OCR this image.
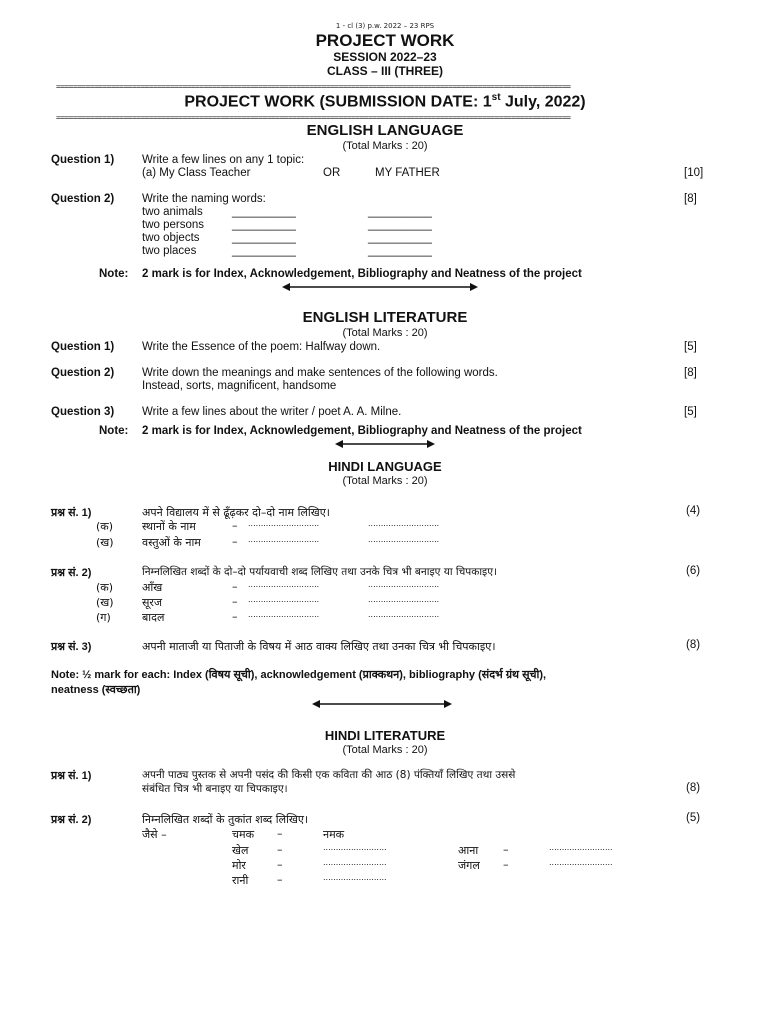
1 - cl (3) p.w. 2022 – 23 RPS
PROJECT WORK
SESSION 2022–23
CLASS – III (THREE)
==========================================================================================================================
PROJECT WORK (SUBMISSION DATE: 1st July, 2022)
==========================================================================================================================
ENGLISH LANGUAGE
(Total Marks : 20)
Question 1) Write a few lines on any 1 topic:
(a) My Class Teacher	OR	MY FATHER	[10]
Question 2) Write the naming words:	[8]
two animals	__________	__________
two persons __________	__________
two objects	__________	__________
two places	__________	__________
Note: 2 mark is for Index, Acknowledgement, Bibliography and Neatness of the project
ENGLISH LITERATURE
(Total Marks : 20)
Question 1) Write the Essence of the poem: Halfway down.	[5]
Question 2) Write down the meanings and make sentences of the following words.	[8]
Instead, sorts, magnificent, handsome
Question 3) Write a few lines about the writer / poet A. A. Milne.	[5]
Note: 2 mark is for Index, Acknowledgement, Bibliography and Neatness of the project
HINDI LANGUAGE
(Total Marks : 20)
प्रश्न सं. 1)	अपने विद्यालय में से ढूँढ़कर दो–दो नाम लिखिए।	(4)
(क)	स्थानों के नाम	– ............................	............................
(ख)	वस्तुओं के नाम	– ............................	............................
प्रश्न सं. 2)	निम्नलिखित शब्दों के दो–दो पर्यायवाची शब्द लिखिए तथा उनके चित्र भी बनाइए या चिपकाइए।	(6)
(क)	आँख	– ............................	............................
(ख)	सूरज	– ............................	............................
(ग)	बादल	– ............................	............................
प्रश्न सं. 3)	अपनी माताजी या पिताजी के विषय में आठ वाक्य लिखिए तथा उनका चित्र भी चिपकाइए।	(8)
Note: ½ mark for each: Index (विषय सूची), acknowledgement (प्राक्कथन), bibliography (संदर्भ ग्रंथ सूची),
neatness (स्वच्छता)
HINDI LITERATURE
(Total Marks : 20)
प्रश्न सं. 1)	अपनी पाठ्य पुस्तक से अपनी पसंद की किसी एक कविता की आठ (8) पंक्तियाँ लिखिए तथा उससे
संबंधित चित्र भी बनाइए या चिपकाइए।	(8)
प्रश्न सं. 2)	निम्नलिखित शब्दों के तुकांत शब्द लिखिए।	(5)
जैसे –	चमक –	नमक
खेल	–	.........................	आना –	.........................
मोर	–	.........................	जंगल –	.........................
रानी	–	.........................
